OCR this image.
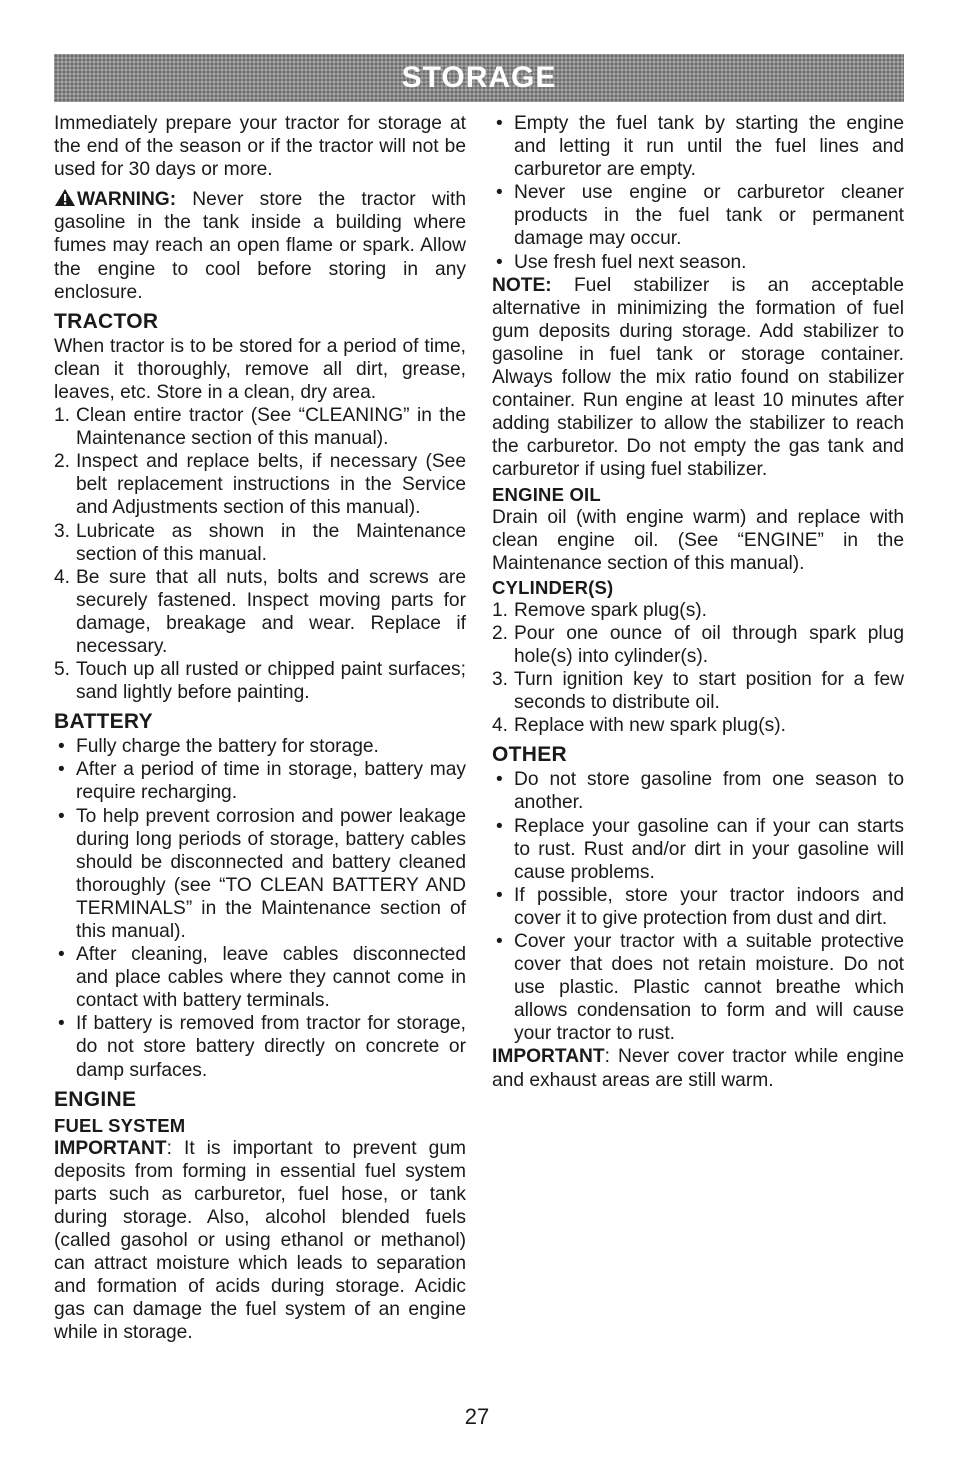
STORAGE

Immediately prepare your tractor for storage at the end of the season or if the tractor will not be used for 30 days or more.

WARNING: Never store the tractor with gasoline in the tank inside a building where fumes may reach an open flame or spark. Allow the engine to cool before storing in any enclosure.

TRACTOR

When tractor is to be stored for a period of time, clean it thoroughly, remove all dirt, grease, leaves, etc. Store in a clean, dry area.

1. Clean entire tractor (See “CLEANING” in the Maintenance section of this manual).
2. Inspect and replace belts, if necessary (See belt replacement instructions in the Service and Adjustments section of this manual).
3. Lubricate as shown in the Maintenance section of this manual.
4. Be sure that all nuts, bolts and screws are securely fastened. Inspect moving parts for damage, breakage and wear. Replace if necessary.
5. Touch up all rusted or chipped paint surfaces; sand lightly before painting.
BATTERY
• Fully charge the battery for storage.
• After a period of time in storage, battery may require recharging.
• To help prevent corrosion and power leakage during long periods of storage, battery cables should be disconnected and battery cleaned thoroughly (see “TO CLEAN BATTERY AND TERMINALS” in the Maintenance section of this manual).
• After cleaning, leave cables disconnected and place cables where they cannot come in contact with battery terminals.
• If battery is removed from tractor for storage, do not store battery directly on concrete or damp surfaces.
ENGINE
FUEL SYSTEM

IMPORTANT: It is important to prevent gum deposits from forming in essential fuel system parts such as carburetor, fuel hose, or tank during storage. Also, alcohol blended fuels (called gasohol or using ethanol or methanol) can attract moisture which leads to separation and formation of acids during storage. Acidic gas can damage the fuel system of an engine while in storage.

• Empty the fuel tank by starting the engine and letting it run until the fuel lines and carburetor are empty.
• Never use engine or carburetor cleaner products in the fuel tank or permanent damage may occur.
• Use fresh fuel next season.

NOTE: Fuel stabilizer is an acceptable alternative in minimizing the formation of fuel gum deposits during storage. Add stabilizer to gasoline in fuel tank or storage container. Always follow the mix ratio found on stabilizer container. Run engine at least 10 minutes after adding stabilizer to allow the stabilizer to reach the carburetor. Do not empty the gas tank and carburetor if using fuel stabilizer.

ENGINE OIL

Drain oil (with engine warm) and replace with clean engine oil. (See “ENGINE” in the Maintenance section of this manual).

CYLINDER(S)
1. Remove spark plug(s).
2. Pour one ounce of oil through spark plug hole(s) into cylinder(s).
3. Turn ignition key to start position for a few seconds to distribute oil.
4. Replace with new spark plug(s).
OTHER
• Do not store gasoline from one season to another.
• Replace your gasoline can if your can starts to rust. Rust and/or dirt in your gasoline will cause problems.
• If possible, store your tractor indoors and cover it to give protection from dust and dirt.
• Cover your tractor with a suitable protective cover that does not retain moisture. Do not use plastic. Plastic cannot breathe which allows condensation to form and will cause your tractor to rust.

IMPORTANT: Never cover tractor while engine and exhaust areas are still warm.

27
